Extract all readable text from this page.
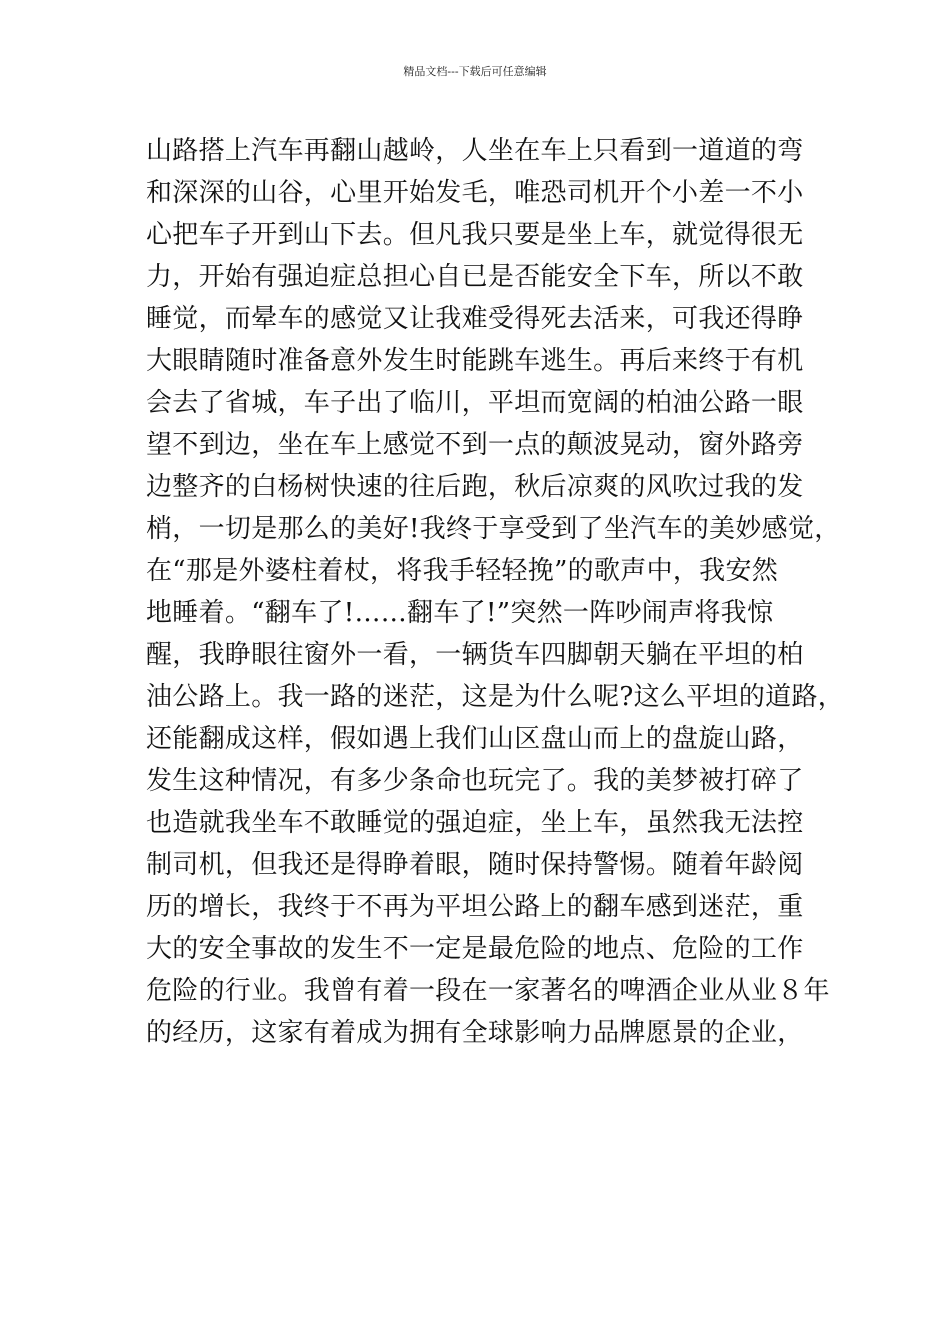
精品文档---下载后可任意编辑
山路搭上汽车再翻山越岭，人坐在车上只看到一道道的弯
和深深的山谷，心里开始发毛，唯恐司机开个小差一不小
心把车子开到山下去。但凡我只要是坐上车，就觉得很无
力，开始有强迫症总担心自已是否能安全下车，所以不敢
睡觉，而晕车的感觉又让我难受得死去活来，可我还得睁
大眼睛随时准备意外发生时能跳车逃生。再后来终于有机
会去了省城，车子出了临川，平坦而宽阔的柏油公路一眼
望不到边，坐在车上感觉不到一点的颠波晃动，窗外路旁
边整齐的白杨树快速的往后跑，秋后凉爽的风吹过我的发
梢，一切是那么的美好!我终于享受到了坐汽车的美妙感觉，
在“那是外婆柱着杖，将我手轻轻挽”的歌声中，我安然
地睡着。“翻车了!……翻车了!”突然一阵吵闹声将我惊
醒，我睁眼往窗外一看，一辆货车四脚朝天躺在平坦的柏
油公路上。我一路的迷茫，这是为什么呢?这么平坦的道路，
还能翻成这样，假如遇上我们山区盘山而上的盘旋山路，
发生这种情况，有多少条命也玩完了。我的美梦被打碎了
也造就我坐车不敢睡觉的强迫症，坐上车，虽然我无法控
制司机，但我还是得睁着眼，随时保持警惕。随着年龄阅
历的增长，我终于不再为平坦公路上的翻车感到迷茫，重
大的安全事故的发生不一定是最危险的地点、危险的工作
危险的行业。我曾有着一段在一家著名的啤酒企业从业８年
的经历，这家有着成为拥有全球影响力品牌愿景的企业，
